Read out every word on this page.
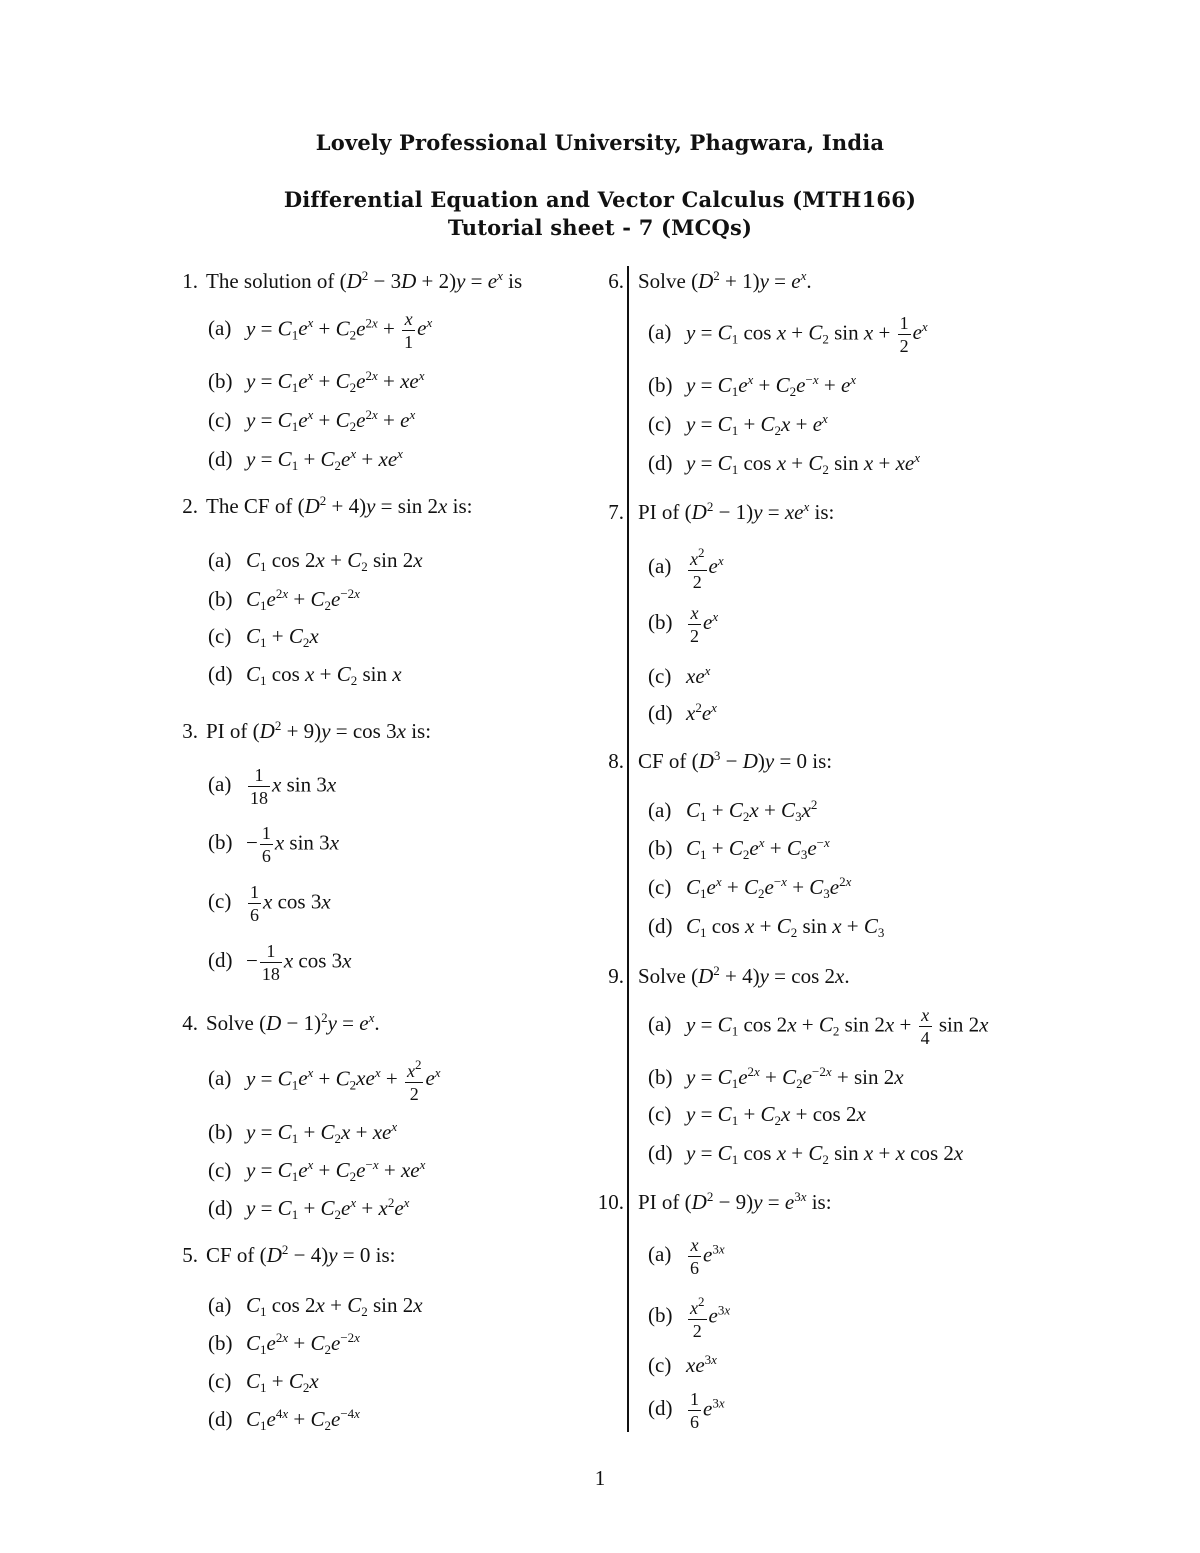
Lovely Professional University, Phagwara, India
Differential Equation and Vector Calculus (MTH166)
Tutorial sheet - 7 (MCQs)
1. The solution of $(D^2 - 3D + 2)y = e^x$ is
(a) $y = C_1e^x + C_2e^{2x} + \frac{x}{1} e^x$
(b) $y = C_1e^x + C_2e^{2x} + xe^x$
(c) $y = C_1e^x + C_2e^{2x} + e^x$
(d) $y = C_1 + C_2e^x + xe^x$
2. The CF of $(D^2 + 4)y = \sin 2x$ is:
(a) $C_1$ $\cos 2x + C_2$ sin 2x
(b) $C_1e^{2x} + C_2e^{-2x}$
(c) $C_1 + C_2x$
(d) $C_1$ $\cos x + C_2$ sin x
3. PI of $(D^2 + 9)y = \cos 3x$ is:
$(a) \frac{1}{18}$ x sin 3x
$(b) - \frac{1}{6}$ x sin 3x
$(c) \frac{1}{6}$ x cos 3x
$(d) - \frac{1}{18}$ x cos 3x
4. Solve $(D - 1)^2y = e^x$.
(a) $y = C_1e^x + C_2xe^x + \frac{x^2}{2} e^x$
(b) $y = C_1 + C_2x + xe^x$
(c) $y = C_1e^x + C_2e^{-x} + xe^x$
(d) $y = C_1 + C_2e^x + x^2e^x$
5. CF of $(D^2 - 4)y = 0$ is:
(a) $C_1$ $\cos 2x + C_2$ sin 2x
(b) $C_1e^{2x} + C_2e^{-2x}$
(c) $C_1 + C_2x$
(d) $C_1e^{4x} + C_2e^{-4x}$
6. Solve $(D^2 + 1)y = e^x$.
(a) $y = C_1$ $\cos x + C_2$ $\sin x + \frac{1}{2} e^x$
(b) $y = C_1e^x + C_2e^{-x} + e^x$
(c) $y = C_1 + C_2x + e^x$
(d) $y = C_1$ $\cos x + C_2$ $\sin x + xe^x$
7. PI of $(D^2 - 1)y = xe^x$ is:
$(a) \frac{x^2}{2} e^x$
$(b) \frac{x}{2} e^x$
(c) $xe^x$
(d) $x^2e^x$
8. CF of $(D^3 - D)y = 0$ is:
(a) $C_1 + C_2x + C_3x^2$
(b) $C_1 + C_2e^x + C_3e^{-x}$
(c) $C_1e^x + C_2e^{-x} + C_3e^{2x}$
(d) $C_1$ $\cos x + C_2$ $\sin x + C_3$
9. Solve $(D^2 + 4)y = \cos 2x$.
(a) $y = C_1$ $\cos 2x + C_2$ $\sin 2x + \frac{x}{4}$ sin 2x
(b) $y = C_1e^{2x} + C_2e^{-2x} + \sin 2x$
(c) $y = C_1 + C_2x + \cos 2x$
(d) $y = C_1$ $\cos x + C_2$ sin x + x cos 2x
10. PI of $(D^2 - 9)y = e^{3x}$ is:
$(a) \frac{x}{6} e^{3x}$
$(b) \frac{x^2}{2} e^{3x}$
(c) $xe^{3x}$
$(d) \frac{1}{6} e^{3x}$
1
